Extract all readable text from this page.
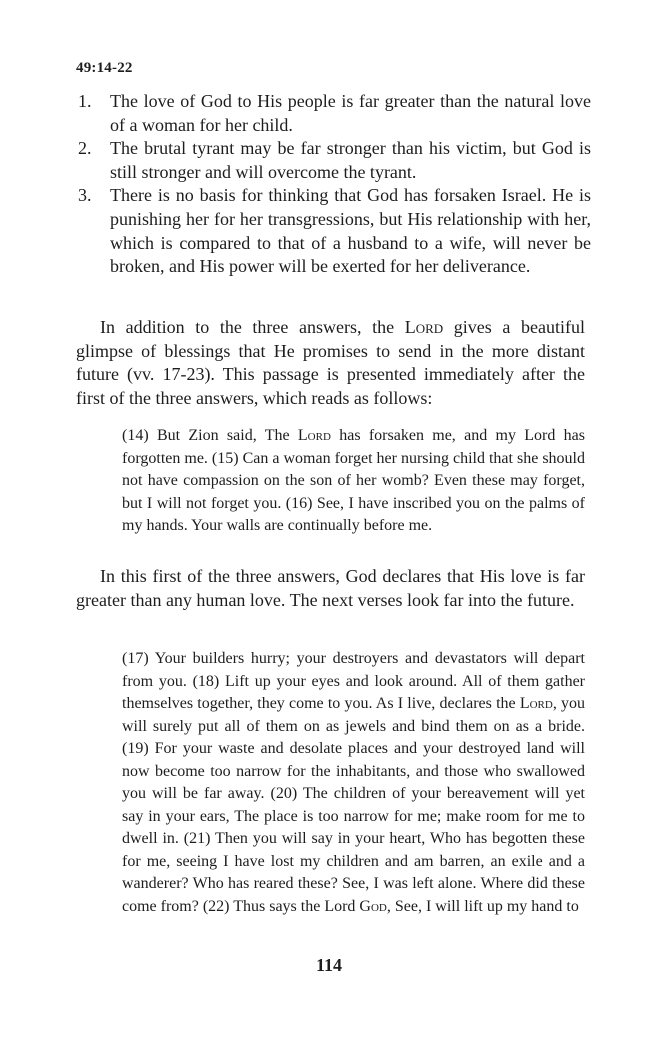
49:14-22
1. The love of God to His people is far greater than the natural love of a woman for her child.
2. The brutal tyrant may be far stronger than his victim, but God is still stronger and will overcome the tyrant.
3. There is no basis for thinking that God has forsaken Israel. He is punishing her for her transgressions, but His relationship with her, which is compared to that of a husband to a wife, will never be broken, and His power will be exerted for her deliverance.

In addition to the three answers, the Lord gives a beautiful glimpse of blessings that He promises to send in the more distant future (vv. 17-23). This passage is presented immediately after the first of the three answers, which reads as follows:

(14) But Zion said, The Lord has forsaken me, and my Lord has forgotten me. (15) Can a woman forget her nursing child that she should not have compassion on the son of her womb? Even these may forget, but I will not forget you. (16) See, I have inscribed you on the palms of my hands. Your walls are continually before me.

In this first of the three answers, God declares that His love is far greater than any human love. The next verses look far into the future.

(17) Your builders hurry; your destroyers and devastators will depart from you. (18) Lift up your eyes and look around. All of them gather themselves together, they come to you. As I live, declares the Lord, you will surely put all of them on as jewels and bind them on as a bride. (19) For your waste and desolate places and your destroyed land will now become too narrow for the inhabitants, and those who swallowed you will be far away. (20) The children of your bereavement will yet say in your ears, The place is too narrow for me; make room for me to dwell in. (21) Then you will say in your heart, Who has begotten these for me, seeing I have lost my children and am barren, an exile and a wanderer? Who has reared these? See, I was left alone. Where did these come from? (22) Thus says the Lord God, See, I will lift up my hand to

114
